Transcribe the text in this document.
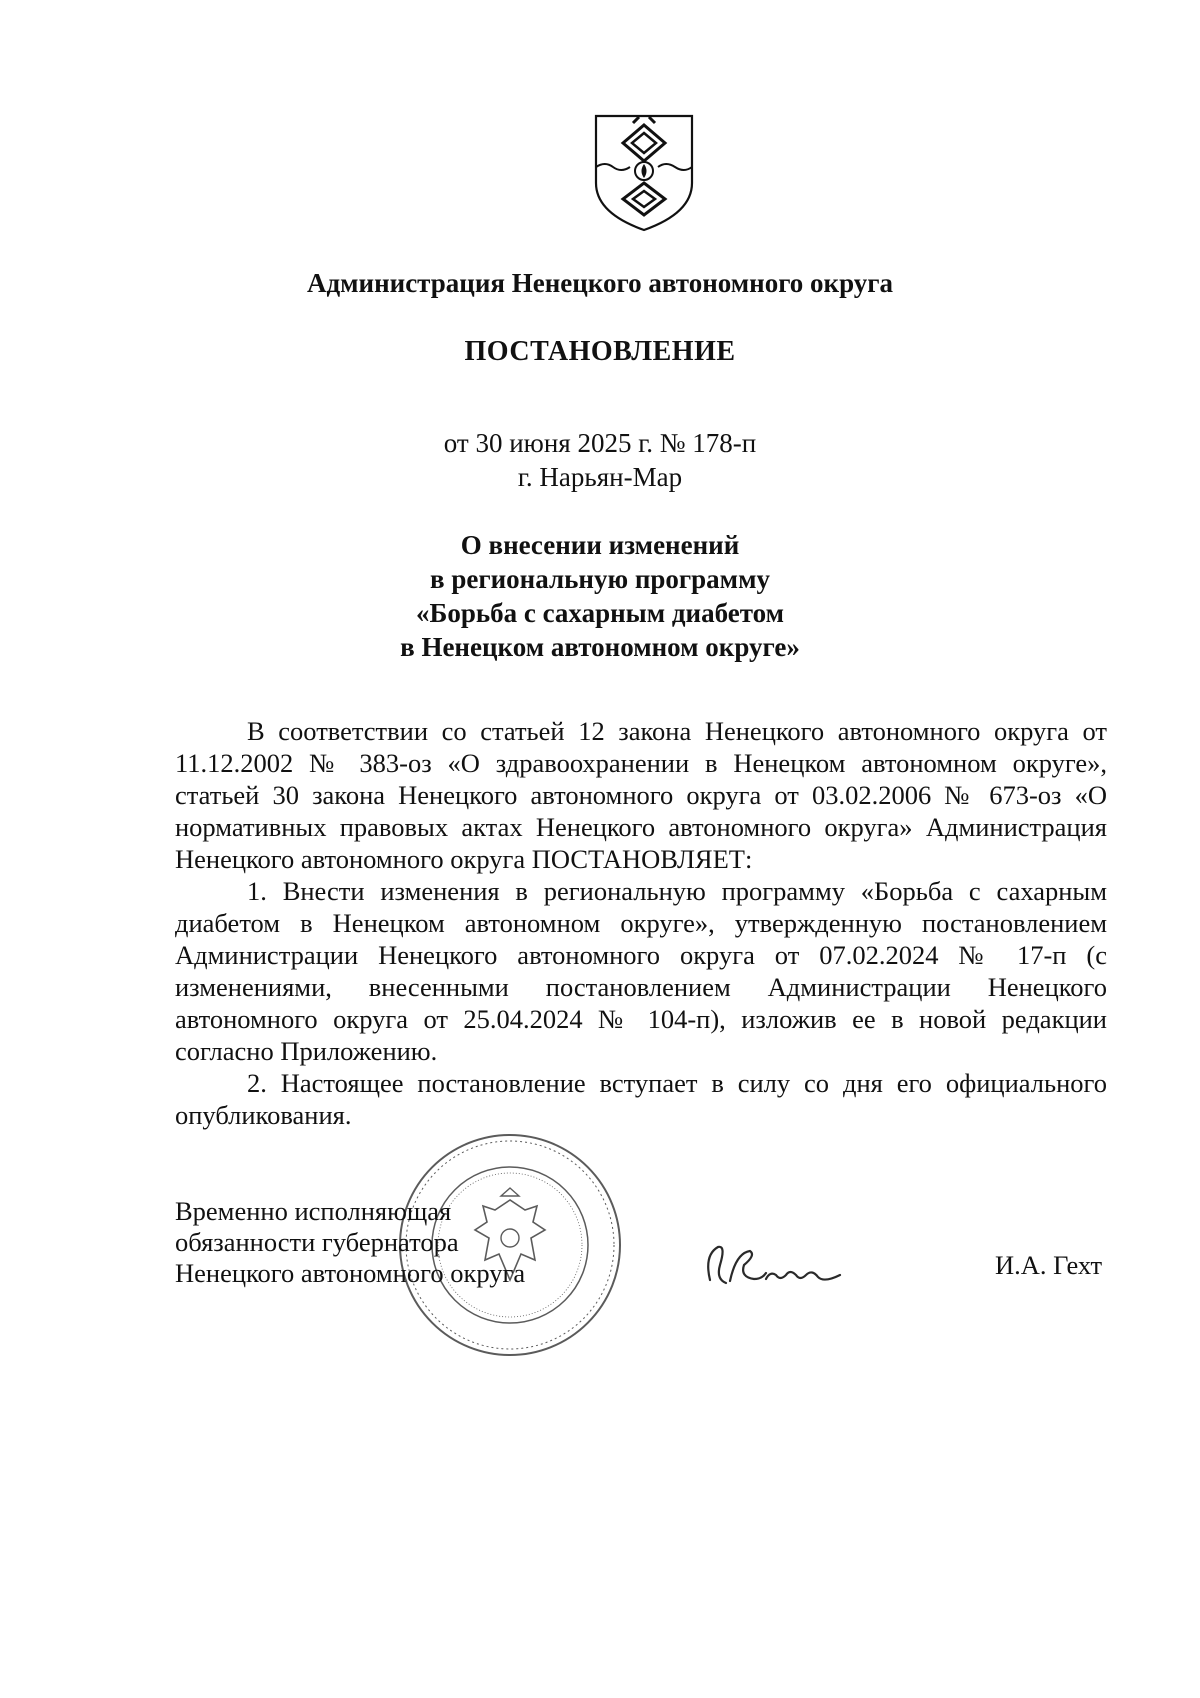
Администрация Ненецкого автономного округа
ПОСТАНОВЛЕНИЕ
от 30 июня 2025 г. № 178-п
г. Нарьян-Мар
О внесении изменений
в региональную программу
«Борьба с сахарным диабетом
в Ненецком автономном округе»

В соответствии со статьей 12 закона Ненецкого автономного округа от 11.12.2002 № 383-оз «О здравоохранении в Ненецком автономном округе», статьей 30 закона Ненецкого автономного округа от 03.02.2006 № 673-оз «О нормативных правовых актах Ненецкого автономного округа» Администрация Ненецкого автономного округа ПОСТАНОВЛЯЕТ:

1. Внести изменения в региональную программу «Борьба с сахарным диабетом в Ненецком автономном округе», утвержденную постановлением Администрации Ненецкого автономного округа от 07.02.2024 № 17-п (с изменениями, внесенными постановлением Администрации Ненецкого автономного округа от 25.04.2024 № 104-п), изложив ее в новой редакции согласно Приложению.

2. Настоящее постановление вступает в силу со дня его официального опубликования.

Временно исполняющая
обязанности губернатора
Ненецкого автономного округа	И.А. Гехт
